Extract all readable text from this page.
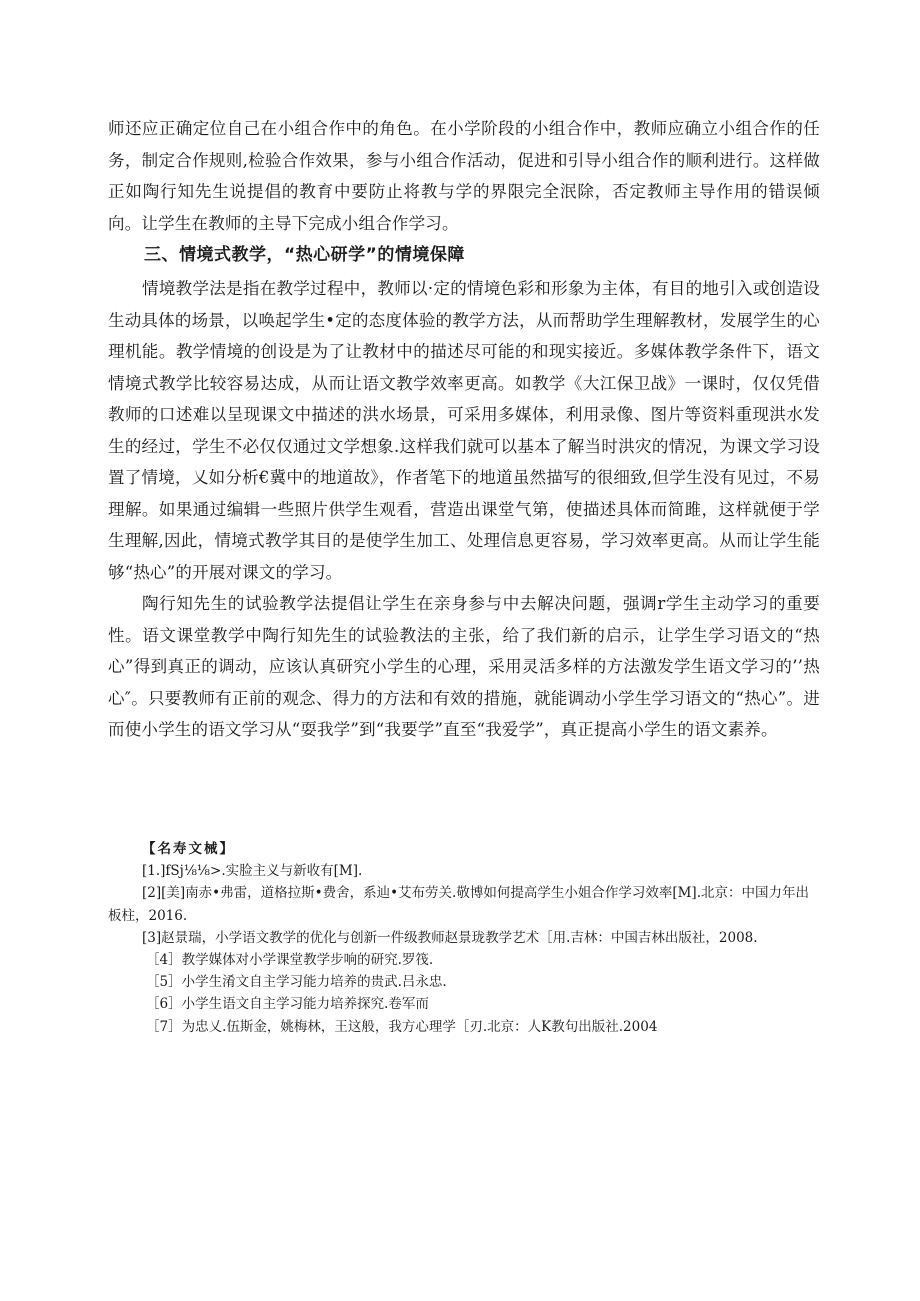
师还应正确定位自己在小组合作中的角色。在小学阶段的小组合作中，教师应确立小组合作的任务，制定合作规则,检验合作效果，参与小组合作活动，促进和引导小组合作的顺利进行。这样做正如陶行知先生说提倡的教育中要防止将教与学的界限完全泯除，否定教师主导作用的错误倾向。让学生在教师的主导下完成小组合作学习。

三、情境式教学，“热心研学”的情境保障

情境教学法是指在教学过程中，教师以·定的情境色彩和形象为主体，有目的地引入或创造设生动具体的场景，以唤起学生•定的态度体验的教学方法，从而帮助学生理解教材，发展学生的心理机能。教学情境的创设是为了让教材中的描述尽可能的和现实接近。多媒体教学条件下，语文情境式教学比较容易达成，从而让语文教学效率更高。如教学《大江保卫战》一课时，仅仅凭借教师的口述难以呈现课文中描述的洪水场景，可采用多媒体，利用录像、图片等资料重现洪水发生的经过，学生不必仅仅通过文学想象.这样我们就可以基本了解当时洪灾的情况，为课文学习设置了情境，乂如分析€冀中的地道故》，作者笔下的地道虽然描写的很细致,但学生没有见过，不易理解。如果通过编辑一些照片供学生观看，营造出课堂气第，使描述具体而简雎，这样就便于学生理解,因此，情境式教学其目的是使学生加工、处理信息更容易，学习效率更高。从而让学生能够“热心”的开展对课文的学习。

陶行知先生的试验教学法提倡让学生在亲身参与中去解决问题，强调r学生主动学习的重要性。语文课堂教学中陶行知先生的试验教法的主张，给了我们新的启示，让学生学习语文的“热心”得到真正的调动，应该认真研究小学生的心理，采用灵活多样的方法激发学生语文学习的’’热心″。只要教师有正前的观念、得力的方法和有效的措施，就能调动小学生学习语文的“热心”。进而使小学生的语文学习从“耍我学”到“我要学”直至“我爱学”，真正提高小学生的语文素养。

【名寿文械】

[1.]fSj⅛⅛>.实脸主义与新收有[M].

[2][美]南赤•弗雷，道格拉斯•费舍，系辿•艾布劳关.敬博如何提高学生小姐合作学习效率[M].北京：中国力年出板柱，2016.

[3]赵景瑞，小学语文教学的优化与创新一件级教师赵景珑教学艺术［用.吉林：中国吉林出版社，2008.

［4］教学媒体对小学课堂教学步响的研究.罗筏.

［5］小学生淆文自主学习能力培养的贵武.吕永忠.

［6］小学生语文自主学习能力培养探究.卷军而

［7］为忠乂.伍斯金，姚梅林，王这般，我方心理学［刃.北京：人K教句出版社.2004
